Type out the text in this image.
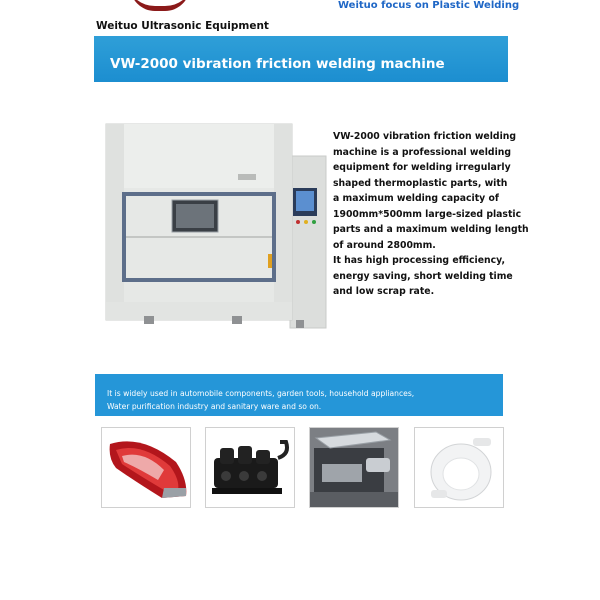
Weituo focus on Plastic Welding
Weituo Ultrasonic Equipment
VW-2000 vibration friction welding machine
VW-2000 vibration friction welding
machine is a professional welding
equipment for welding irregularly
shaped thermoplastic parts, with
a maximum welding capacity of
1900mm*500mm large-sized plastic
parts and a maximum welding length
of around 2800mm.
It has high processing efficiency,
energy saving, short welding time
and low scrap rate.
It is widely used in automobile components, garden tools, household appliances,
Water purification industry and sanitary ware and so on.
